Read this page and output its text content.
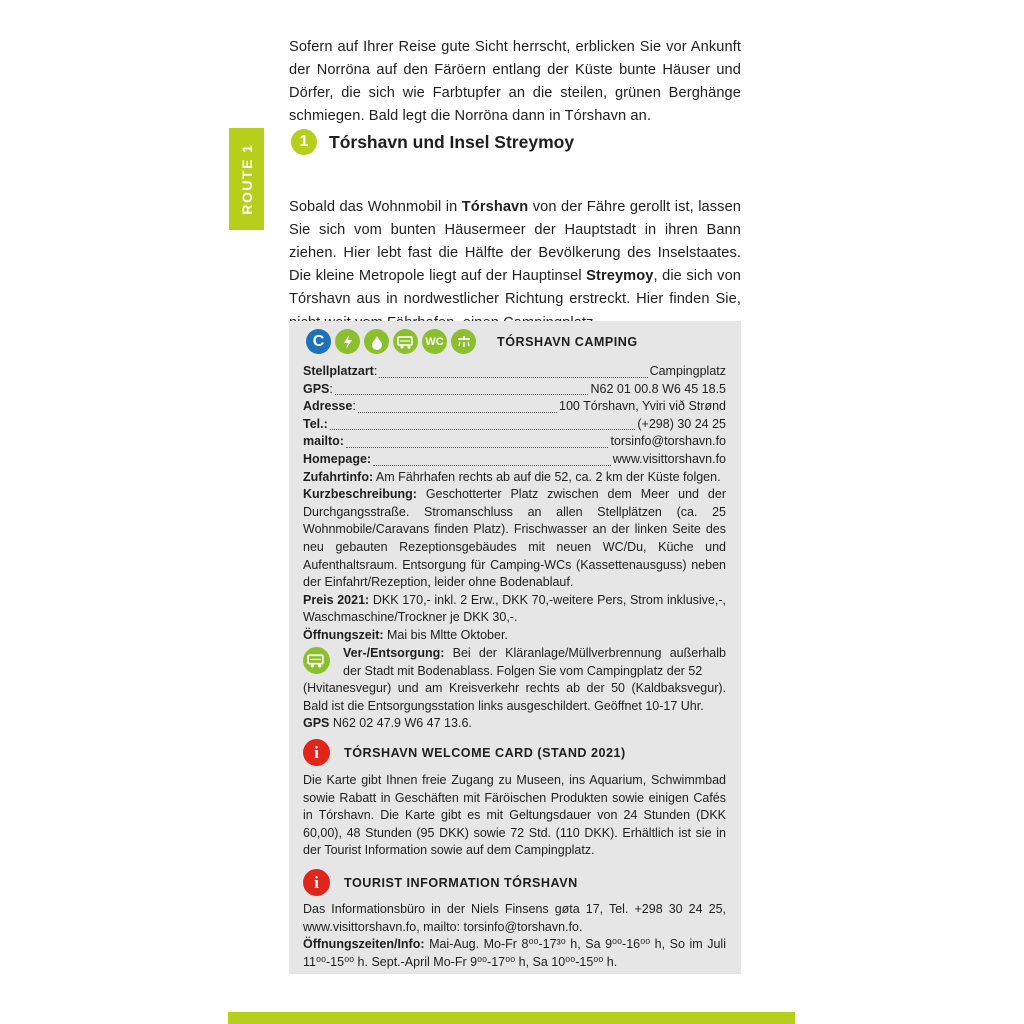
Sofern auf Ihrer Reise gute Sicht herrscht, erblicken Sie vor Ankunft der Norröna auf den Färöern entlang der Küste bunte Häuser und Dörfer, die sich wie Farbtupfer an die steilen, grünen Berghänge schmiegen. Bald legt die Norröna dann in Tórshavn an.

ROUTE 1
1	Tórshavn und Insel Streymoy

Sobald das Wohnmobil in Tórshavn von der Fähre gerollt ist, lassen Sie sich vom bunten Häusermeer der Hauptstadt in ihren Bann ziehen. Hier lebt fast die Hälfte der Bevölkerung des Inselstaates. Die kleine Metropole liegt auf der Hauptinsel Streymoy, die sich von Tórshavn aus in nordwestlicher Richtung erstreckt. Hier finden Sie,

C	WC	TÓRSHAVN CAMPING
Stellplatzart :	Campingplatz
GPS :	N62 01 00.8 W6 45 18.5
Adresse :	100 Tórshavn, Yviri við Strønd
Tel.:	(+298) 30 24 25
mailto:	torsinfo@torshavn.fo
Homepage:	www.visittorshavn.fo
Zufahrtinfo: Am Fährhafen rechts ab auf die 52, ca. 2 km der Küste folgen.
Kurzbeschreibung: Geschotterter Platz zwischen dem Meer und der Durchgangsstraße. Stromanschluss an allen Stellplätzen (ca. 25 Wohnmobile/Caravans finden Platz). Frischwasser an der linken Seite des neu gebauten Rezeptionsgebäudes mit neuen WC/Du, Küche und Aufenthaltsraum. Entsorgung für Camping-WCs (Kassettenausguss) neben der Einfahrt/Rezeption, leider ohne Bodenablauf.
Preis 2021: DKK 170,- inkl. 2 Erw., DKK 70,-weitere Pers, Strom inklusive,-, Waschmaschine/Trockner je DKK 30,-.
Öffnungszeit: Mai bis Mltte Oktober.
Ver-/Entsorgung: Bei der Kläranlage/Müllverbrennung außerhalb der Stadt mit Bodenablass. Folgen Sie vom Campingplatz der 52
(Hvitanesvegur) und am Kreisverkehr rechts ab der 50 (Kaldbaksvegur). Bald ist die Entsorgungsstation links ausgeschildert. Geöffnet 10-17 Uhr.
GPS N62 02 47.9 W6 47 13.6.
i	TÓRSHAVN WELCOME CARD (STAND 2021)
Die Karte gibt Ihnen freie Zugang zu Museen, ins Aquarium, Schwimmbad sowie Rabatt in Geschäften mit Färöischen Produkten sowie einigen Cafés in Tórshavn. Die Karte gibt es mit Geltungsdauer von 24 Stunden (DKK 60,00), 48 Stunden (95 DKK) sowie 72 Std. (110 DKK). Erhältlich ist sie in der Tourist Information sowie auf dem Campingplatz.
i	TOURIST INFORMATION TÓRSHAVN
Das Informationsbüro in der Niels Finsens gøta 17, Tel. +298 30 24 25, www.visittorshavn.fo, mailto: torsinfo@torshavn.fo.
Öffnungszeiten/Info: Mai-Aug. Mo-Fr 8⁰⁰-17³⁰ h, Sa 9⁰⁰-16⁰⁰ h, So im Juli 11⁰⁰-15⁰⁰ h. Sept.-April Mo-Fr 9⁰⁰-17⁰⁰ h, Sa 10⁰⁰-15⁰⁰ h.
